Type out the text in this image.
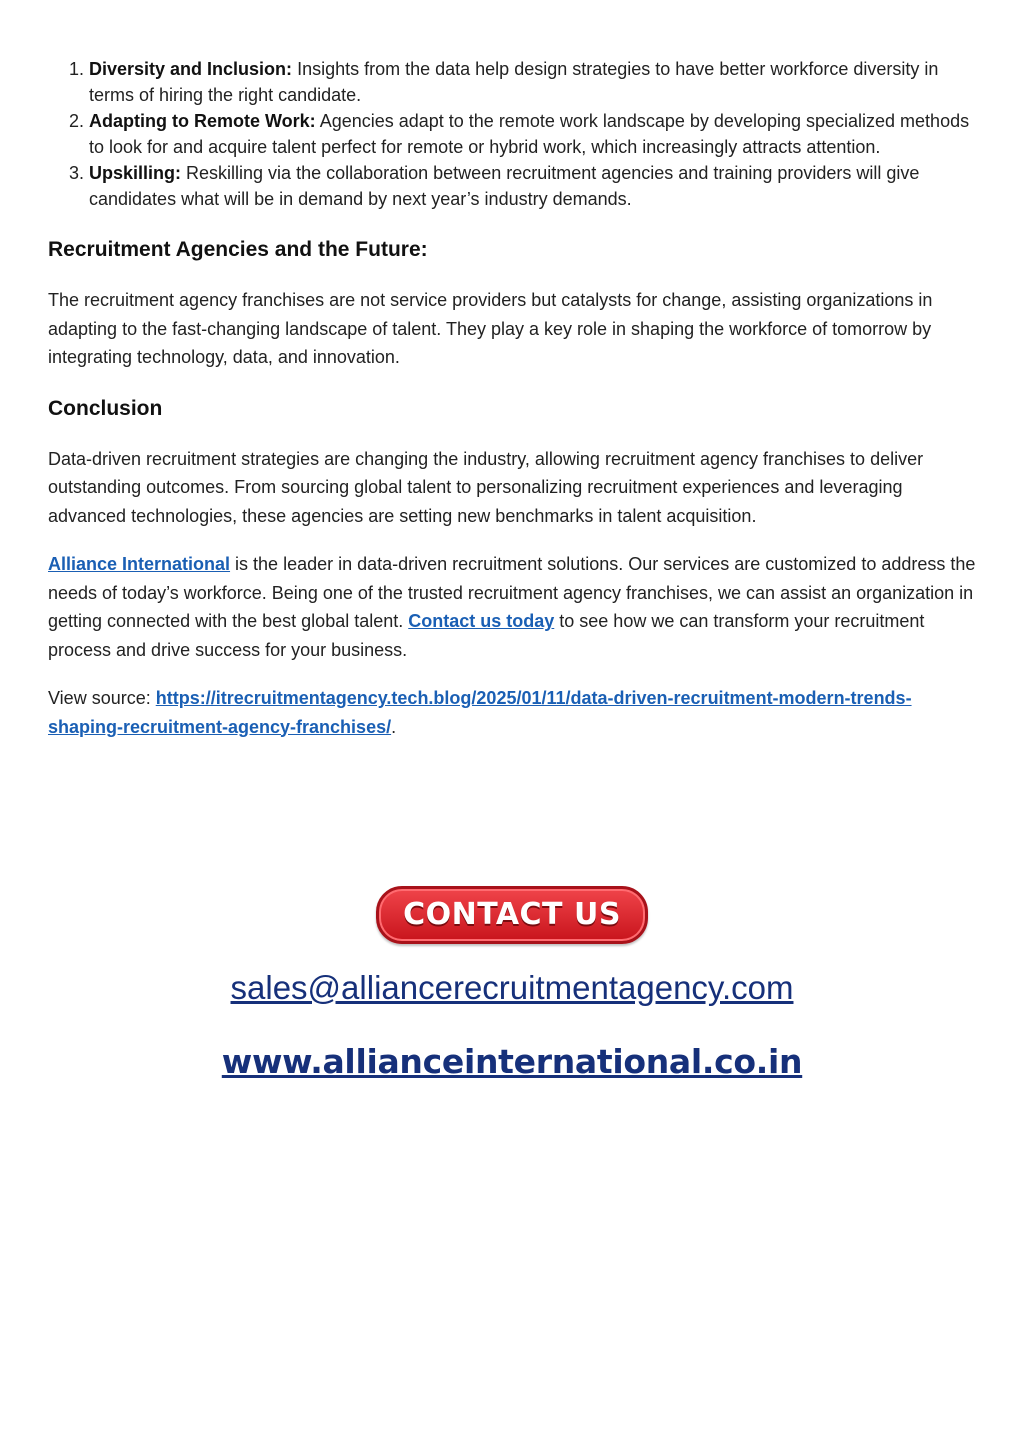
1. Diversity and Inclusion: Insights from the data help design strategies to have better workforce diversity in terms of hiring the right candidate.
2. Adapting to Remote Work: Agencies adapt to the remote work landscape by developing specialized methods to look for and acquire talent perfect for remote or hybrid work, which increasingly attracts attention.
3. Upskilling: Reskilling via the collaboration between recruitment agencies and training providers will give candidates what will be in demand by next year’s industry demands.
Recruitment Agencies and the Future:

The recruitment agency franchises are not service providers but catalysts for change, assisting organizations in adapting to the fast-changing landscape of talent. They play a key role in shaping the workforce of tomorrow by integrating technology, data, and innovation.

Conclusion

Data-driven recruitment strategies are changing the industry, allowing recruitment agency franchises to deliver outstanding outcomes. From sourcing global talent to personalizing recruitment experiences and leveraging advanced technologies, these agencies are setting new benchmarks in talent acquisition.

Alliance International is the leader in data-driven recruitment solutions. Our services are customized to address the needs of today’s workforce. Being one of the trusted recruitment agency franchises, we can assist an organization in getting connected with the best global talent. Contact us today to see how we can transform your recruitment process and drive success for your business.

View source: https://itrecruitmentagency.tech.blog/2025/01/11/data-driven-recruitment-modern-trends-shaping-recruitment-agency-franchises/.

CONTACT US
sales@alliancerecruitmentagency.com
www.allianceinternational.co.in
